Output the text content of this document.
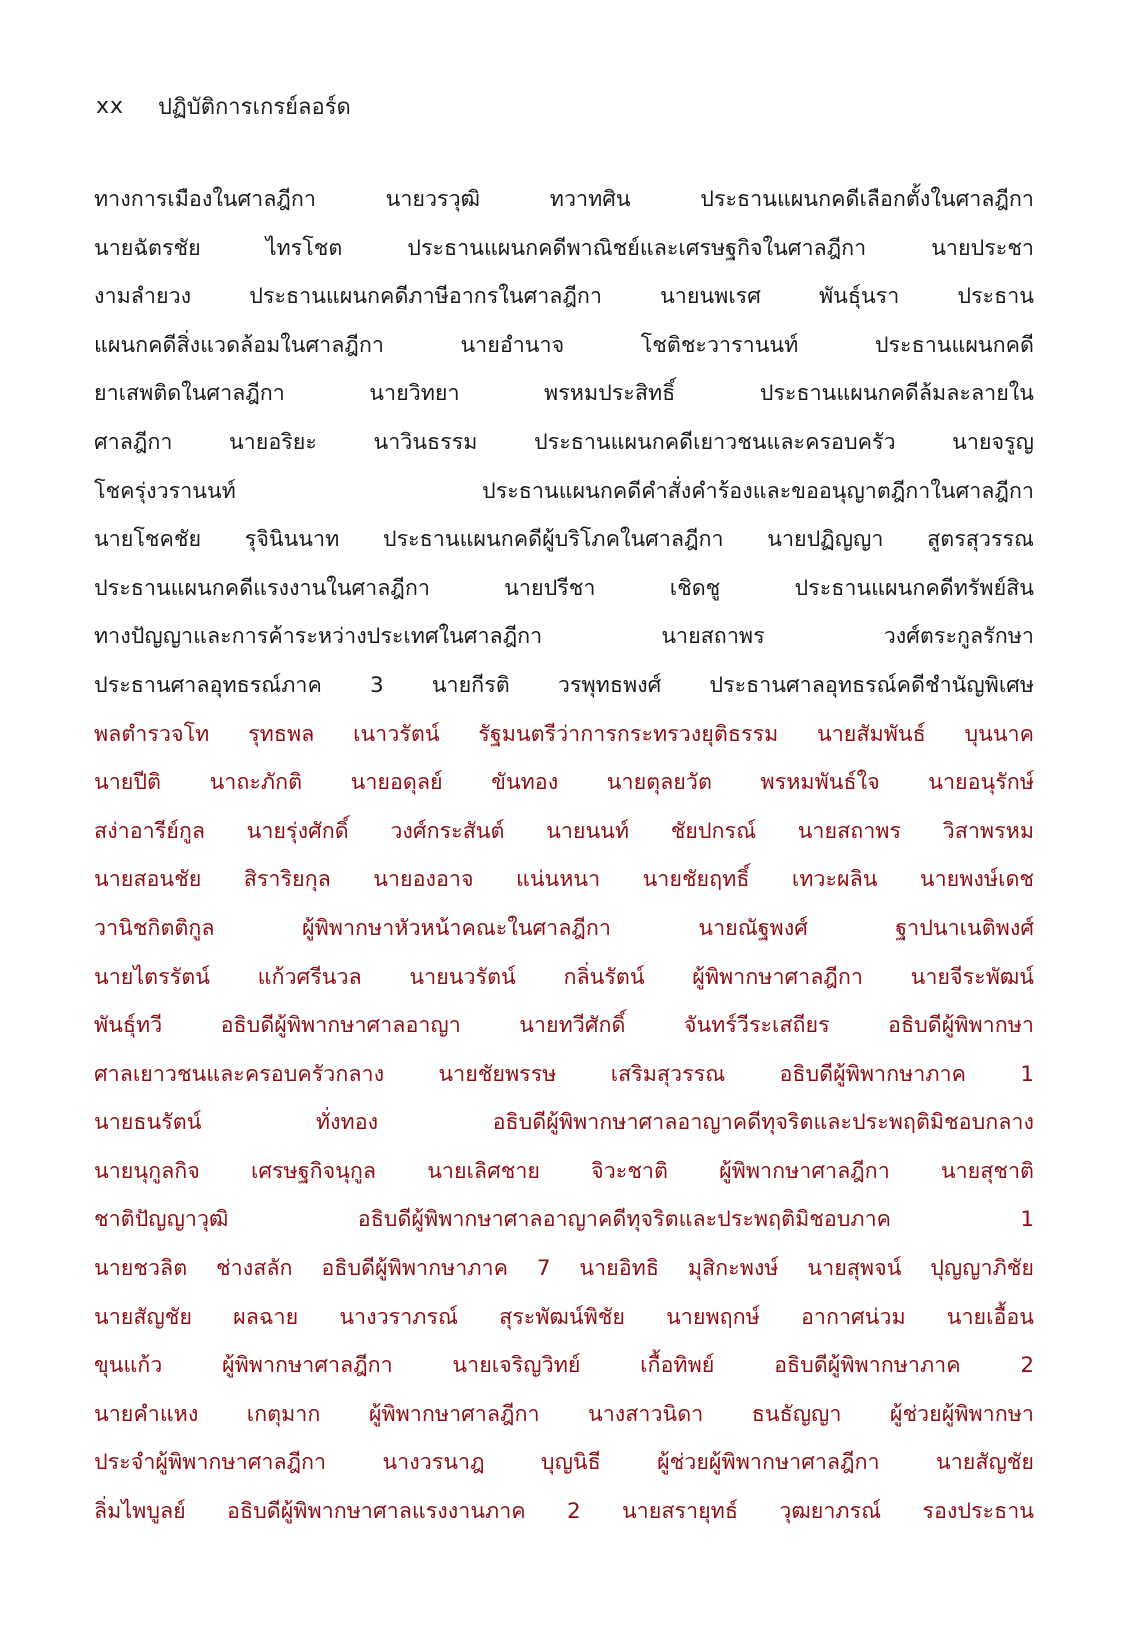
xx	ปฏิบัติการเกรย์ลอร์ด
ทางการเมืองในศาลฎีกา นายวรวุฒิ ทวาทศิน ประธานแผนกคดีเลือกตั้งในศาลฎีกา
นายฉัตรชัย ไทรโชต ประธานแผนกคดีพาณิชย์และเศรษฐกิจในศาลฎีกา นายประชา
งามลำยวง ประธานแผนกคดีภาษีอากรในศาลฎีกา นายนพเรศ พันธุ์นรา ประธาน
แผนกคดีสิ่งแวดล้อมในศาลฎีกา นายอำนาจ โชติชะวารานนท์ ประธานแผนกคดี
ยาเสพติดในศาลฎีกา นายวิทยา พรหมประสิทธิ์ ประธานแผนกคดีล้มละลายใน
ศาลฎีกา นายอริยะ นาวินธรรม ประธานแผนกคดีเยาวชนและครอบครัว นายจรูญ
โชครุ่งวรานนท์ ประธานแผนกคดีคำสั่งคำร้องและขออนุญาตฎีกาในศาลฎีกา
นายโชคชัย รุจินินนาท ประธานแผนกคดีผู้บริโภคในศาลฎีกา นายปฏิญญา สูตรสุวรรณ
ประธานแผนกคดีแรงงานในศาลฎีกา นายปรีชา เชิดชู ประธานแผนกคดีทรัพย์สิน
ทางปัญญาและการค้าระหว่างประเทศในศาลฎีกา นายสถาพร วงศ์ตระกูลรักษา
ประธานศาลอุทธรณ์ภาค 3 นายกีรติ วรพุทธพงศ์ ประธานศาลอุทธรณ์คดีชำนัญพิเศษ
พลตำรวจโท รุทธพล เนาวรัตน์ รัฐมนตรีว่าการกระทรวงยุติธรรม นายสัมพันธ์ บุนนาค
นายปีติ นาถะภักติ นายอดุลย์ ขันทอง นายตุลยวัต พรหมพันธ์ใจ นายอนุรักษ์
สง่าอารีย์กูล นายรุ่งศักดิ์ วงศ์กระสันต์ นายนนท์ ชัยปกรณ์ นายสถาพร วิสาพรหม
นายสอนชัย สิราริยกุล นายองอาจ แน่นหนา นายชัยฤทธิ์ เทวะผลิน นายพงษ์เดช
วานิชกิตติกูล ผู้พิพากษาหัวหน้าคณะในศาลฎีกา นายณัฐพงศ์ ฐาปนาเนติพงศ์
นายไตรรัตน์ แก้วศรีนวล นายนวรัตน์ กลิ่นรัตน์ ผู้พิพากษาศาลฎีกา นายจีระพัฒน์
พันธุ์ทวี อธิบดีผู้พิพากษาศาลอาญา นายทวีศักดิ์ จันทร์วีระเสถียร อธิบดีผู้พิพากษา
ศาลเยาวชนและครอบครัวกลาง นายชัยพรรษ เสริมสุวรรณ อธิบดีผู้พิพากษาภาค 1
นายธนรัตน์ ทั่งทอง อธิบดีผู้พิพากษาศาลอาญาคดีทุจริตและประพฤติมิชอบกลาง
นายนุกูลกิจ เศรษฐกิจนุกูล นายเลิศชาย จิวะชาติ ผู้พิพากษาศาลฎีกา นายสุชาติ
ชาติปัญญาวุฒิ อธิบดีผู้พิพากษาศาลอาญาคดีทุจริตและประพฤติมิชอบภาค 1
นายชวลิต ช่างสลัก อธิบดีผู้พิพากษาภาค 7 นายอิทธิ มุสิกะพงษ์ นายสุพจน์ ปุญญาภิชัย
นายสัญชัย ผลฉาย นางวราภรณ์ สุระพัฒน์พิชัย นายพฤกษ์ อากาศน่วม นายเอื้อน
ขุนแก้ว ผู้พิพากษาศาลฎีกา นายเจริญวิทย์ เกื้อทิพย์ อธิบดีผู้พิพากษาภาค 2
นายคำแหง เกตุมาก ผู้พิพากษาศาลฎีกา นางสาวนิดา ธนธัญญา ผู้ช่วยผู้พิพากษา
ประจำผู้พิพากษาศาลฎีกา นางวรนาฎ บุญนิธี ผู้ช่วยผู้พิพากษาศาลฎีกา นายสัญชัย
ลิ่มไพบูลย์ อธิบดีผู้พิพากษาศาลแรงงานภาค 2 นายสรายุทธ์ วุฒยาภรณ์ รองประธาน
